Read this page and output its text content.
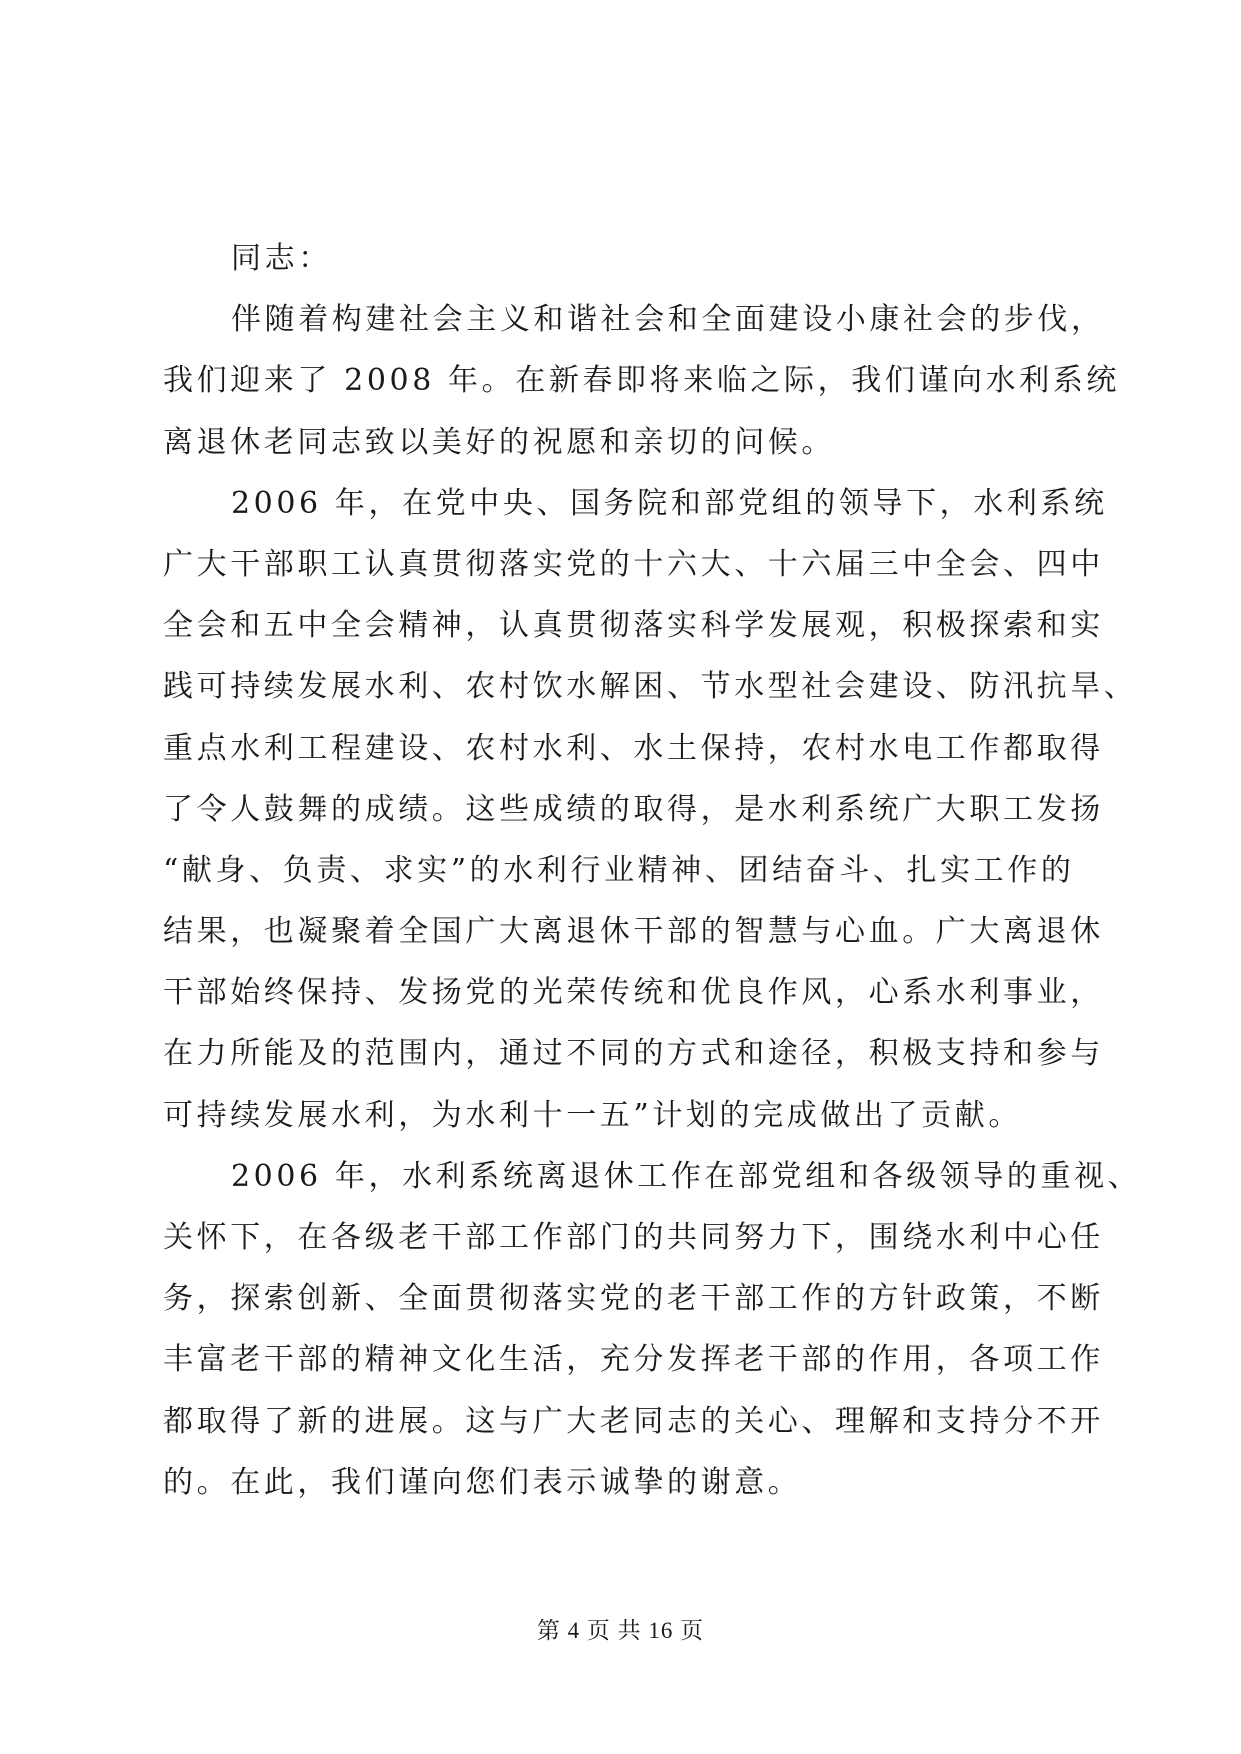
同志：
伴随着构建社会主义和谐社会和全面建设小康社会的步伐，
我们迎来了 2008 年。在新春即将来临之际，我们谨向水利系统
离退休老同志致以美好的祝愿和亲切的问候。
2006 年，在党中央、国务院和部党组的领导下，水利系统
广大干部职工认真贯彻落实党的十六大、十六届三中全会、四中
全会和五中全会精神，认真贯彻落实科学发展观，积极探索和实
践可持续发展水利、农村饮水解困、节水型社会建设、防汛抗旱、
重点水利工程建设、农村水利、水土保持，农村水电工作都取得
了令人鼓舞的成绩。这些成绩的取得，是水利系统广大职工发扬
“献身、负责、求实”的水利行业精神、团结奋斗、扎实工作的
结果，也凝聚着全国广大离退休干部的智慧与心血。广大离退休
干部始终保持、发扬党的光荣传统和优良作风，心系水利事业，
在力所能及的范围内，通过不同的方式和途径，积极支持和参与
可持续发展水利，为水利十一五”计划的完成做出了贡献。
2006 年，水利系统离退休工作在部党组和各级领导的重视、
关怀下，在各级老干部工作部门的共同努力下，围绕水利中心任
务，探索创新、全面贯彻落实党的老干部工作的方针政策，不断
丰富老干部的精神文化生活，充分发挥老干部的作用，各项工作
都取得了新的进展。这与广大老同志的关心、理解和支持分不开
的。在此，我们谨向您们表示诚挚的谢意。
第 4 页 共 16 页
